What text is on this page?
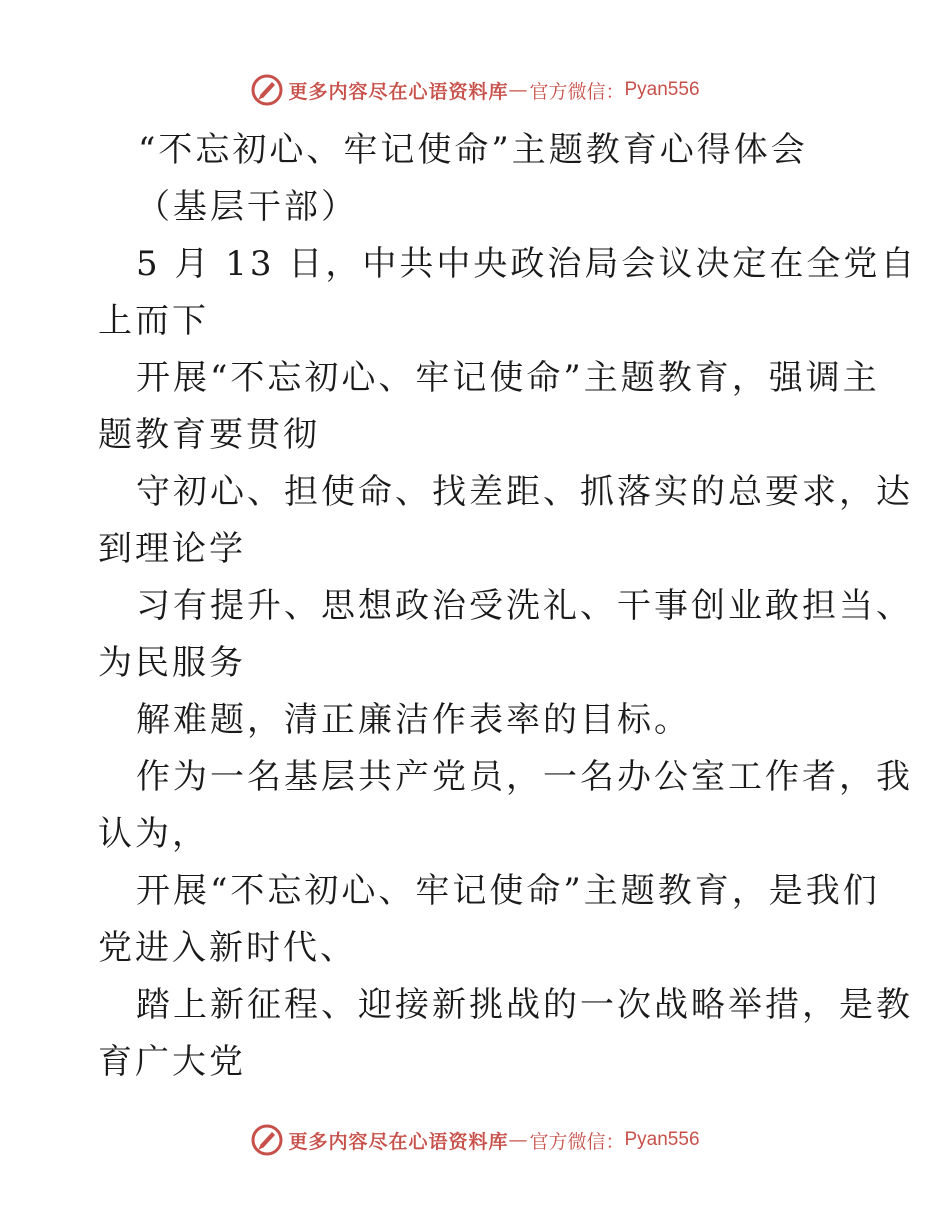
更多内容尽在心语资料库 — 官方微信： Pyan556
“不忘初心、牢记使命”主题教育心得体会
（基层干部）
5 月 13 日，中共中央政治局会议决定在全党自
上而下
开展“不忘初心、牢记使命”主题教育，强调主
题教育要贯彻
守初心、担使命、找差距、抓落实的总要求，达
到理论学
习有提升、思想政治受洗礼、干事创业敢担当、
为民服务
解难题，清正廉洁作表率的目标。
作为一名基层共产党员，一名办公室工作者，我
认为，
开展“不忘初心、牢记使命”主题教育，是我们
党进入新时代、
踏上新征程、迎接新挑战的一次战略举措，是教
育广大党
更多内容尽在心语资料库 — 官方微信： Pyan556
